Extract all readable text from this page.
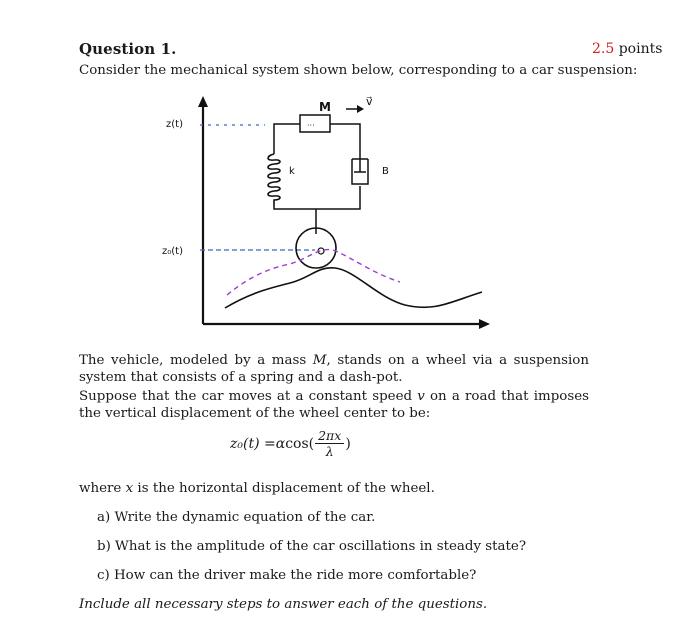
Question 1.	2.5 points
Consider the mechanical system shown below, corresponding to a car suspension:
z(t)
z₀(t)
···
M	v⃗
k	B
The vehicle, modeled by a mass M, stands on a wheel via a suspension system that consists of a spring and a dash-pot.
Suppose that the car moves at a constant speed v on a road that imposes the vertical displacement of the wheel center to be:
z₀(t) = α $\cos( \frac{2\pi x}{\lambda}$ )
where x is the horizontal displacement of the wheel.
a) Write the dynamic equation of the car.
b) What is the amplitude of the car oscillations in steady state?
c) How can the driver make the ride more comfortable?
Include all necessary steps to answer each of the questions.
